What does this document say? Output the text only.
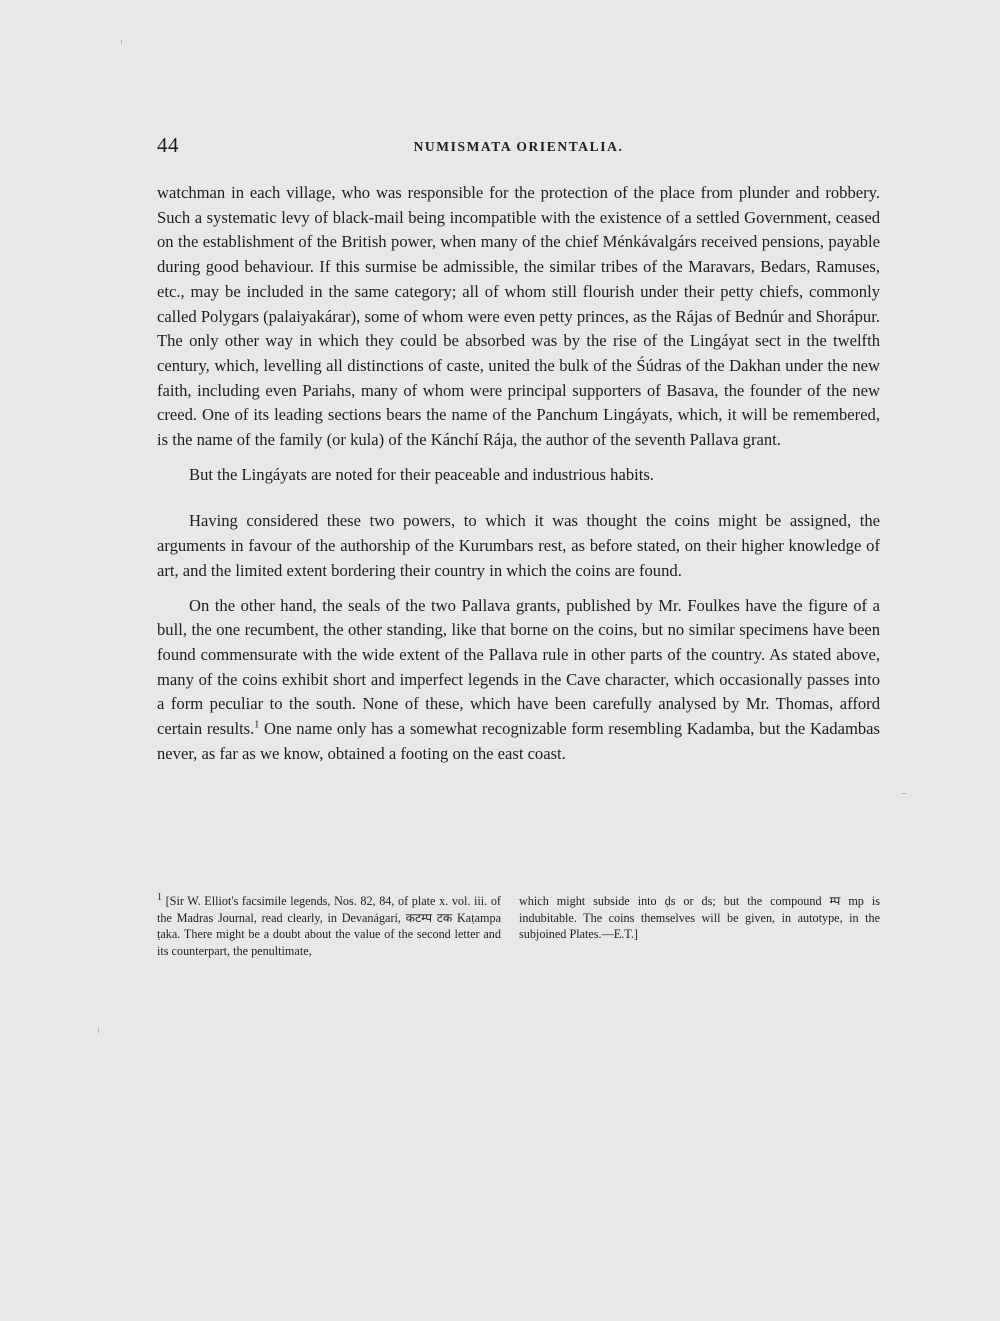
44	NUMISMATA ORIENTALIA.

watchman in each village, who was responsible for the protection of the place from plunder and robbery. Such a systematic levy of black-mail being incompatible with the existence of a settled Government, ceased on the establishment of the British power, when many of the chief Ménkávalgárs received pensions, payable during good behaviour. If this surmise be admissible, the similar tribes of the Maravars, Bedars, Ramuses, etc., may be included in the same category; all of whom still flourish under their petty chiefs, commonly called Polygars (palaiyakárar), some of whom were even petty princes, as the Rájas of Bednúr and Shorápur. The only other way in which they could be absorbed was by the rise of the Lingáyat sect in the twelfth century, which, levelling all distinctions of caste, united the bulk of the Śúdras of the Dakhan under the new faith, including even Pariahs, many of whom were principal supporters of Basava, the founder of the new creed. One of its leading sections bears the name of the Panchum Lingáyats, which, it will be remembered, is the name of the family (or kula) of the Kánchí Rája, the author of the seventh Pallava grant.

But the Lingáyats are noted for their peaceable and industrious habits.

Having considered these two powers, to which it was thought the coins might be assigned, the arguments in favour of the authorship of the Kurumbars rest, as before stated, on their higher knowledge of art, and the limited extent bordering their country in which the coins are found.

On the other hand, the seals of the two Pallava grants, published by Mr. Foulkes have the figure of a bull, the one recumbent, the other standing, like that borne on the coins, but no similar specimens have been found commensurate with the wide extent of the Pallava rule in other parts of the country. As stated above, many of the coins exhibit short and imperfect legends in the Cave character, which occasionally passes into a form peculiar to the south. None of these, which have been carefully analysed by Mr. Thomas, afford certain results.$^1$ One name only has a somewhat recognizable form resembling Kadamba, but the Kadambas never, as far as we know, obtained a footing on the east coast.

$^1$ [Sir W. Elliot's facsimile legends, Nos. 82, 84, of plate x. vol. iii. of the Madras Journal, read clearly, in Devanágarí, कटम्प टक Kaṭampa ṭaka. There might be a doubt about the value of the second letter and its counterpart, the penultimate,
which might subside into ḍs or ds; but the compound म्प mp is indubitable. The coins themselves will be given, in autotype, in the subjoined Plates.—E.T.]
